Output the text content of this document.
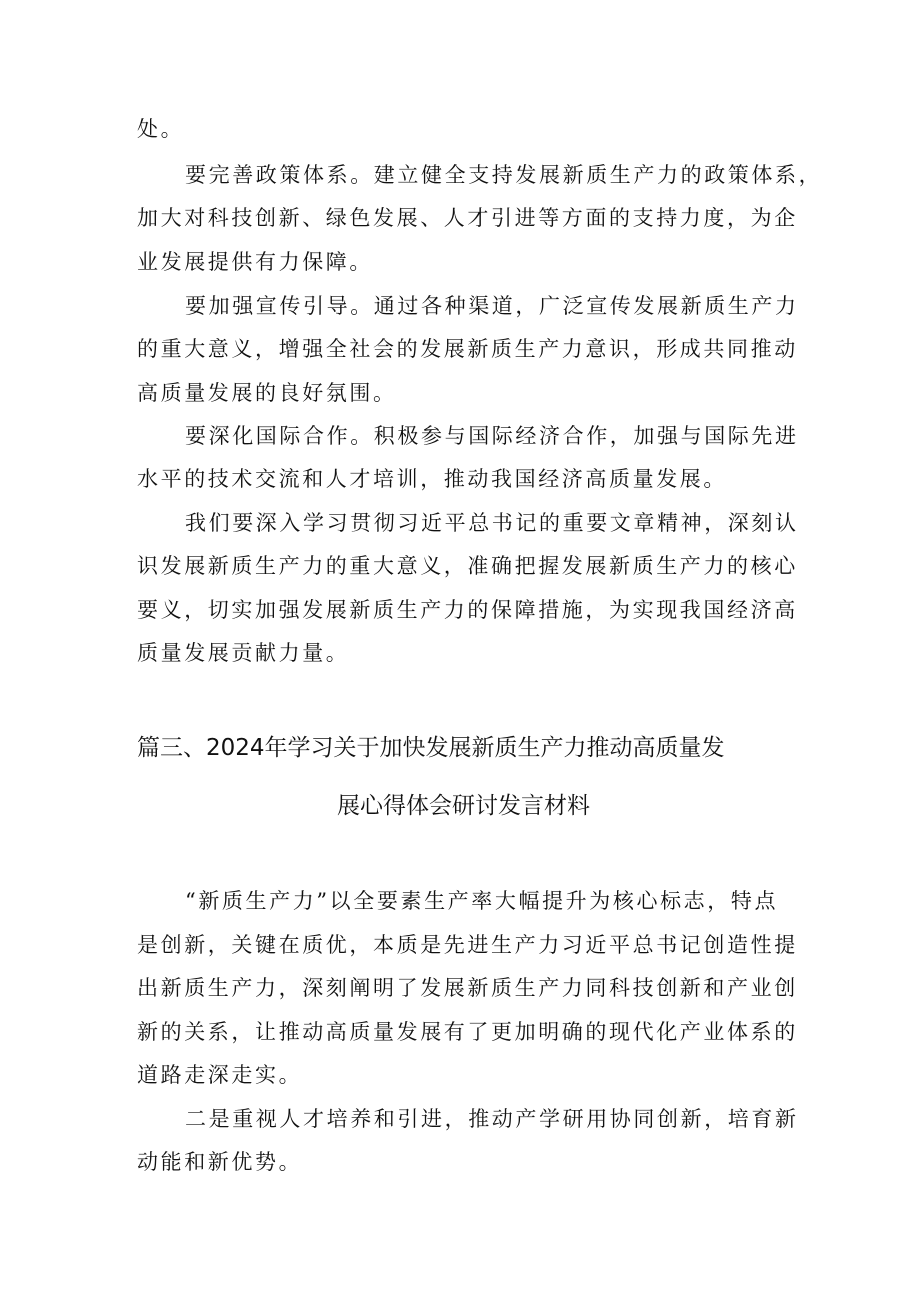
处。
要完善政策体系。建立健全支持发展新质生产力的政策体系，
加大对科技创新、绿色发展、人才引进等方面的支持力度，为企
业发展提供有力保障。
要加强宣传引导。通过各种渠道，广泛宣传发展新质生产力
的重大意义，增强全社会的发展新质生产力意识，形成共同推动
高质量发展的良好氛围。
要深化国际合作。积极参与国际经济合作，加强与国际先进
水平的技术交流和人才培训，推动我国经济高质量发展。
我们要深入学习贯彻习近平总书记的重要文章精神，深刻认
识发展新质生产力的重大意义，准确把握发展新质生产力的核心
要义，切实加强发展新质生产力的保障措施，为实现我国经济高
质量发展贡献力量。
篇三、2024年学习关于加快发展新质生产力推动高质量发
展心得体会研讨发言材料
“新质生产力”以全要素生产率大幅提升为核心标志，特点
是创新，关键在质优，本质是先进生产力习近平总书记创造性提
出新质生产力，深刻阐明了发展新质生产力同科技创新和产业创
新的关系，让推动高质量发展有了更加明确的现代化产业体系的
道路走深走实。
二是重视人才培养和引进，推动产学研用协同创新，培育新
动能和新优势。
